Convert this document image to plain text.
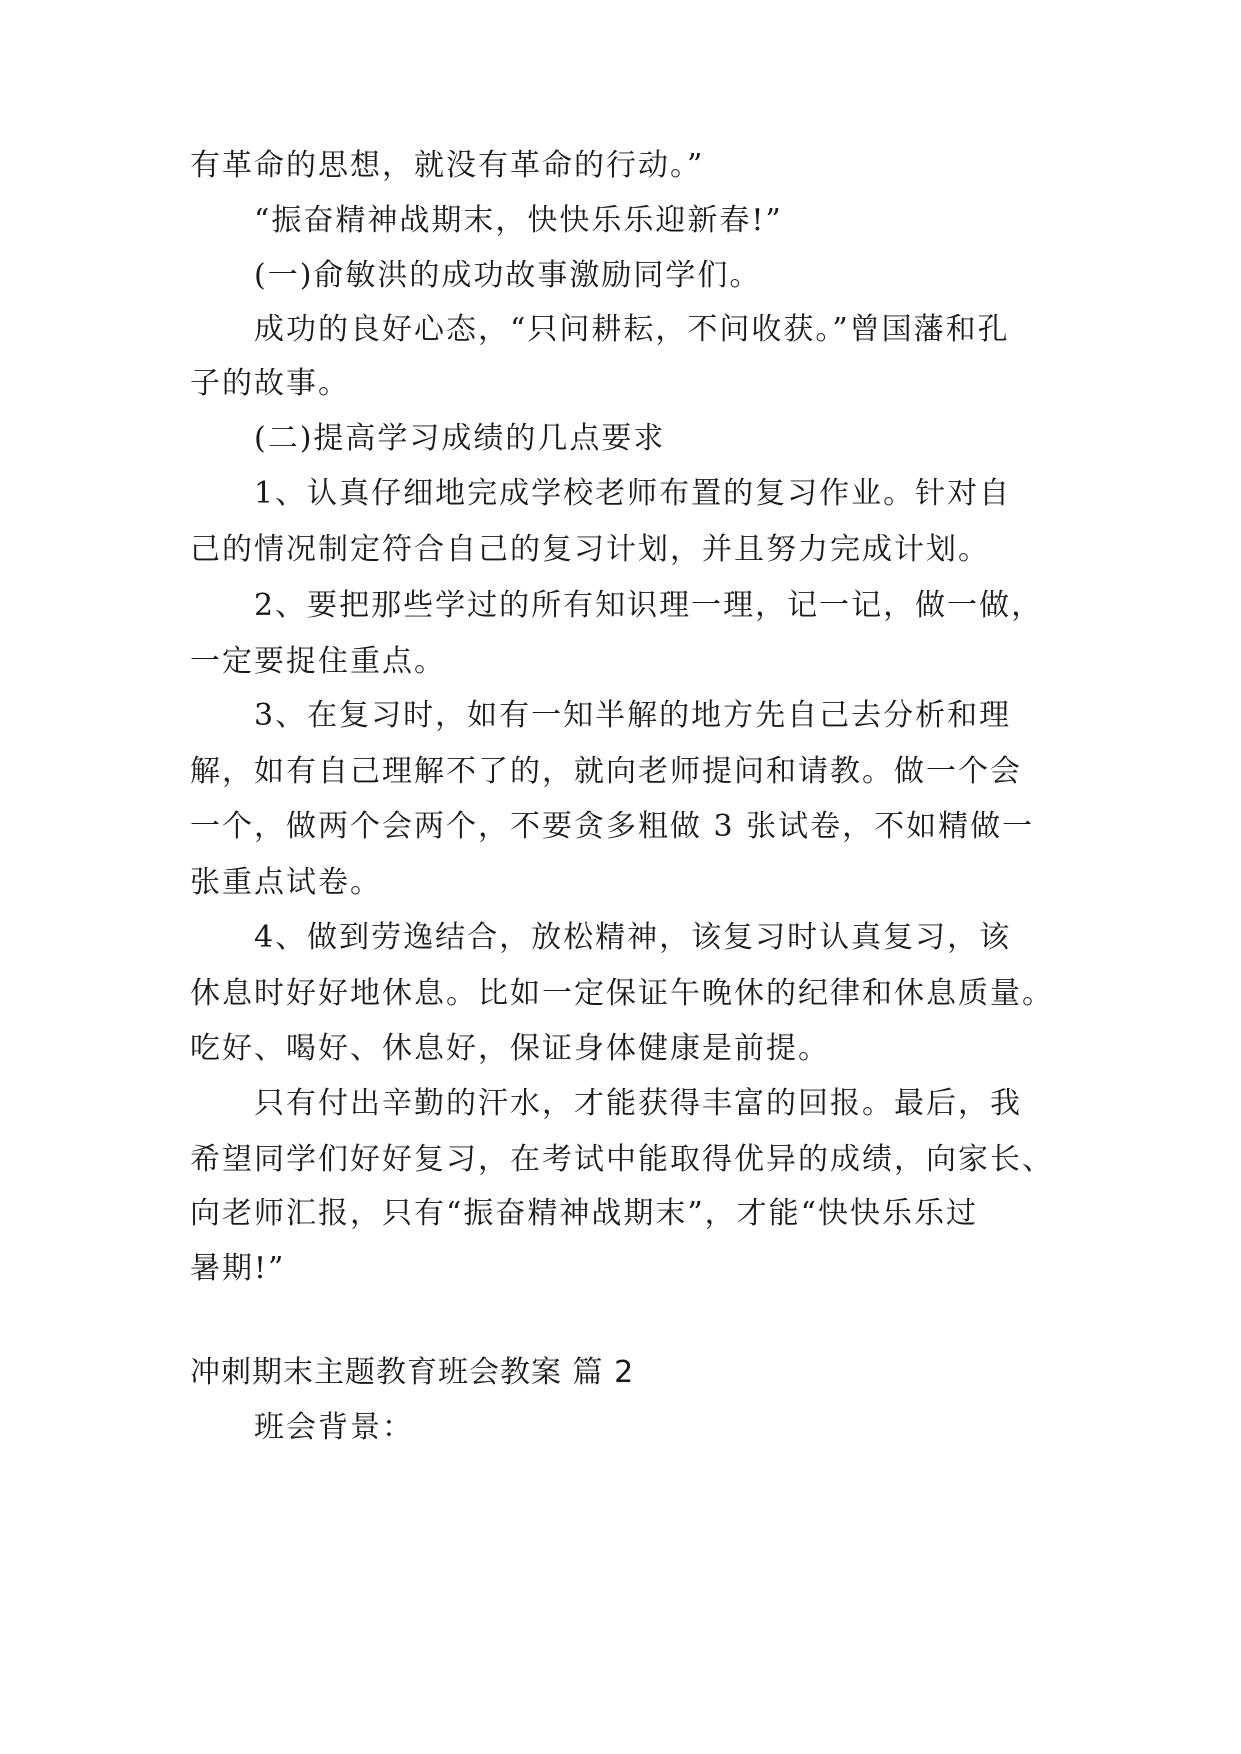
有革命的思想，就没有革命的行动。”
“振奋精神战期末，快快乐乐迎新春!”
(一)俞敏洪的成功故事激励同学们。
成功的良好心态，“只问耕耘，不问收获。”曾国藩和孔
子的故事。
(二)提高学习成绩的几点要求
1、认真仔细地完成学校老师布置的复习作业。针对自
己的情况制定符合自己的复习计划，并且努力完成计划。
2、要把那些学过的所有知识理一理，记一记，做一做，
一定要捉住重点。
3、在复习时，如有一知半解的地方先自己去分析和理
解，如有自己理解不了的，就向老师提问和请教。做一个会
一个，做两个会两个，不要贪多粗做 3 张试卷，不如精做一
张重点试卷。
4、做到劳逸结合，放松精神，该复习时认真复习，该
休息时好好地休息。比如一定保证午晚休的纪律和休息质量。
吃好、喝好、休息好，保证身体健康是前提。
只有付出辛勤的汗水，才能获得丰富的回报。最后，我
希望同学们好好复习，在考试中能取得优异的成绩，向家长、
向老师汇报，只有“振奋精神战期末”，才能“快快乐乐过
暑期!”
冲刺期末主题教育班会教案 篇 2
班会背景：
